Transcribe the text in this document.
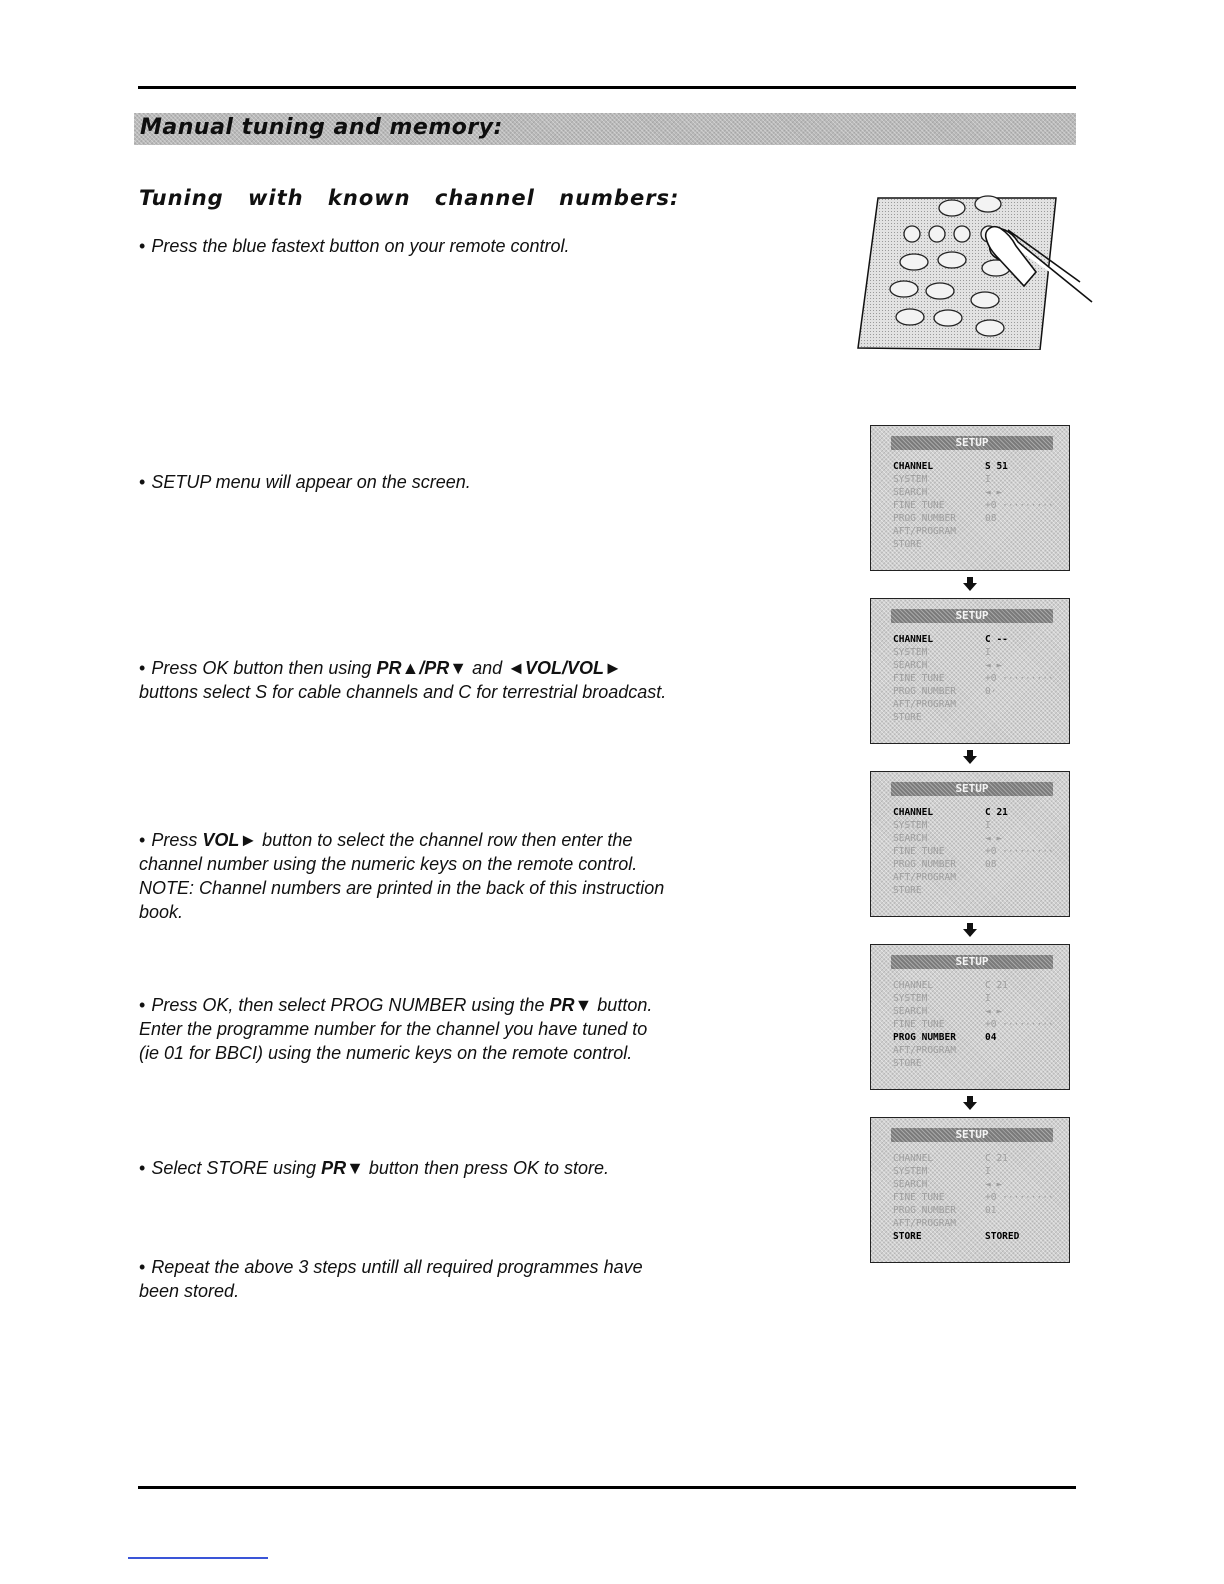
Manual tuning and memory:
Tuning with known channel numbers:

• Press the blue fastext button on your remote control.

• SETUP menu will appear on the screen.

• Press OK button then using PR▲/PR▼ and ◄VOL/VOL► buttons select S for cable channels and C for terrestrial broadcast.

• Press VOL► button to select the channel row then enter the channel number using the numeric keys on the remote control.
NOTE: Channel numbers are printed in the back of this instruction book.

• Press OK, then select PROG NUMBER using the PR▼ button. Enter the programme number for the channel you have tuned to (ie 01 for BBCI) using the numeric keys on the remote control.

• Select STORE using PR▼ button then press OK to store.

• Repeat the above 3 steps untill all required programmes have been stored.

SETUP
CHANNEL	S 51
SYSTEM	I
SEARCH	◄ ►
FINE TUNE	+0 ·········
PROG NUMBER	08
AFT/PROGRAM
STORE
SETUP
CHANNEL	C --
SYSTEM	I
SEARCH	◄ ►
FINE TUNE	+0 ·········
PROG NUMBER	0·
AFT/PROGRAM
STORE
SETUP
CHANNEL	C 21
SYSTEM	I
SEARCH	◄ ►
FINE TUNE	+0 ·········
PROG NUMBER	08
AFT/PROGRAM
STORE
SETUP
CHANNEL	C 21
SYSTEM	I
SEARCH	◄ ►
FINE TUNE	+0 ·········
PROG NUMBER	04
AFT/PROGRAM
STORE
SETUP
CHANNEL	C 21
SYSTEM	I
SEARCH	◄ ►
FINE TUNE	+0 ·········
PROG NUMBER	01
AFT/PROGRAM
STORE	STORED
